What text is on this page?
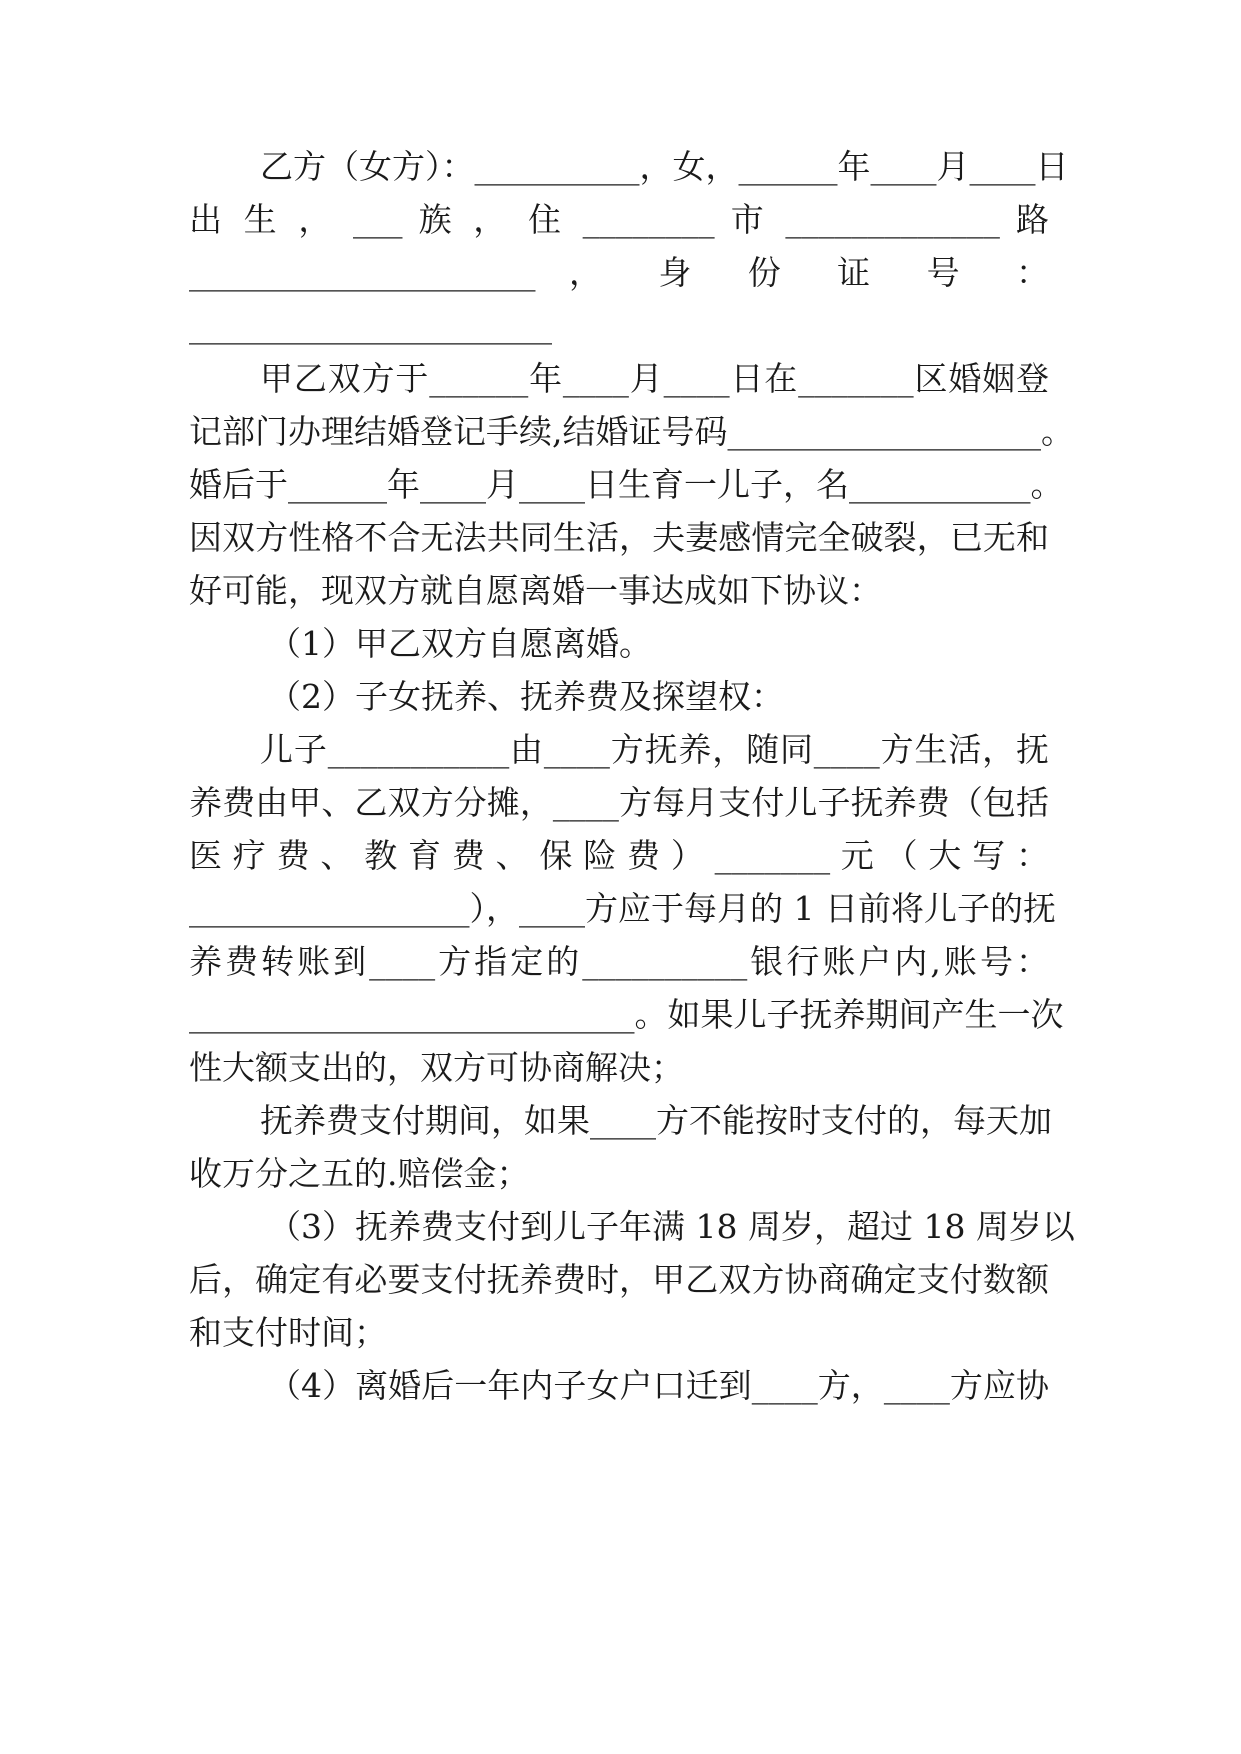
乙方（女方）：__________，女，______年____月____日
出 生 ， ___ 族 ， 住 ________ 市 _____________ 路
_____________________ ， 身 份 证 号 ：
______________________
甲乙双方于______年____月____日在_______区婚姻登
记部门办理结婚登记手续,结婚证号码___________________。
婚后于______年____月____日生育一儿子，名___________。
因双方性格不合无法共同生活，夫妻感情完全破裂，已无和
好可能，现双方就自愿离婚一事达成如下协议：
（1）甲乙双方自愿离婚。
（2）子女抚养、抚养费及探望权：
儿子___________由____方抚养，随同____方生活，抚
养费由甲、乙双方分摊，____方每月支付儿子抚养费（包括
医 疗 费 、 教 育 费 、 保 险 费 ） _______ 元 （ 大 写 ：
_________________），____方应于每月的 1 日前将儿子的抚
养费转账到____方指定的__________银行账户内,账号：
___________________________。如果儿子抚养期间产生一次
性大额支出的，双方可协商解决；
抚养费支付期间，如果____方不能按时支付的，每天加
收万分之五的.赔偿金；
（3）抚养费支付到儿子年满 18 周岁，超过 18 周岁以
后，确定有必要支付抚养费时，甲乙双方协商确定支付数额
和支付时间；
（4）离婚后一年内子女户口迁到____方，____方应协
